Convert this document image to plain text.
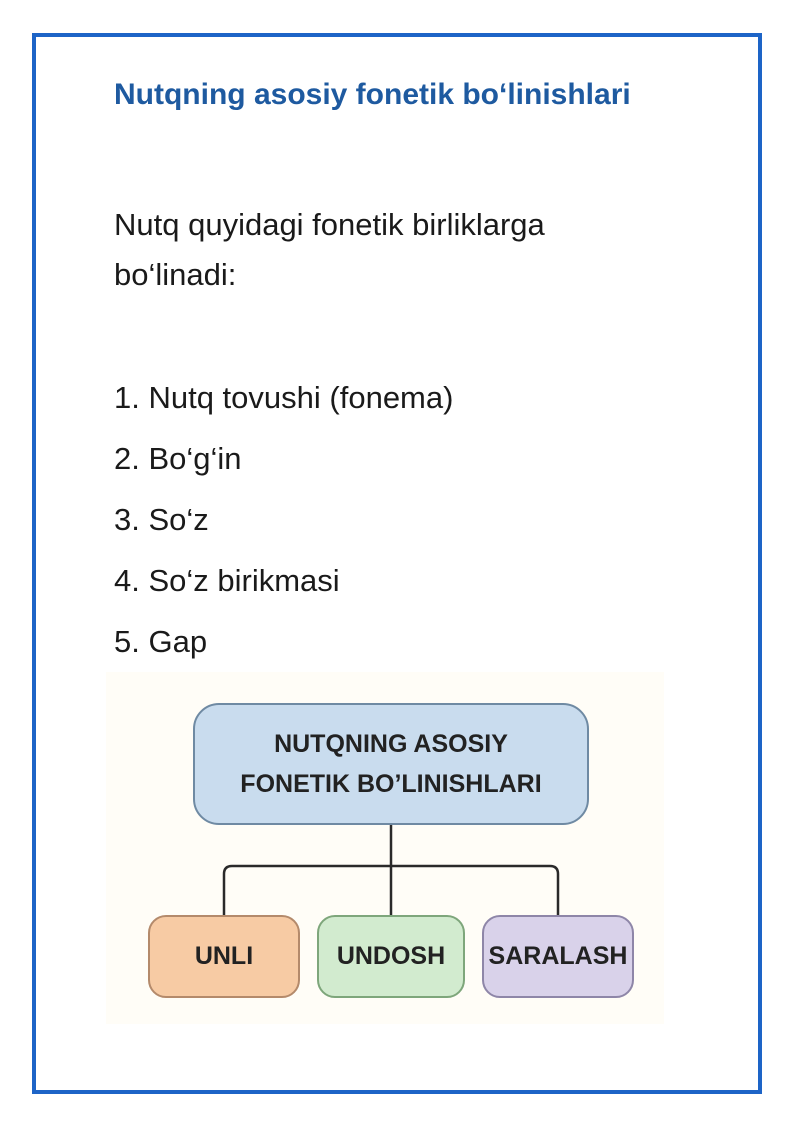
Nutqning asosiy fonetik bo‘linishlari

Nutq quyidagi fonetik birliklarga bo‘linadi:

1. Nutq tovushi (fonema)
2. Bo‘g‘in
3. So‘z
4. So‘z birikmasi
5. Gap
NUTQNING ASOSIY
FONETIK BO’LINISHLARI
UNLI	UNDOSH SARALASH
